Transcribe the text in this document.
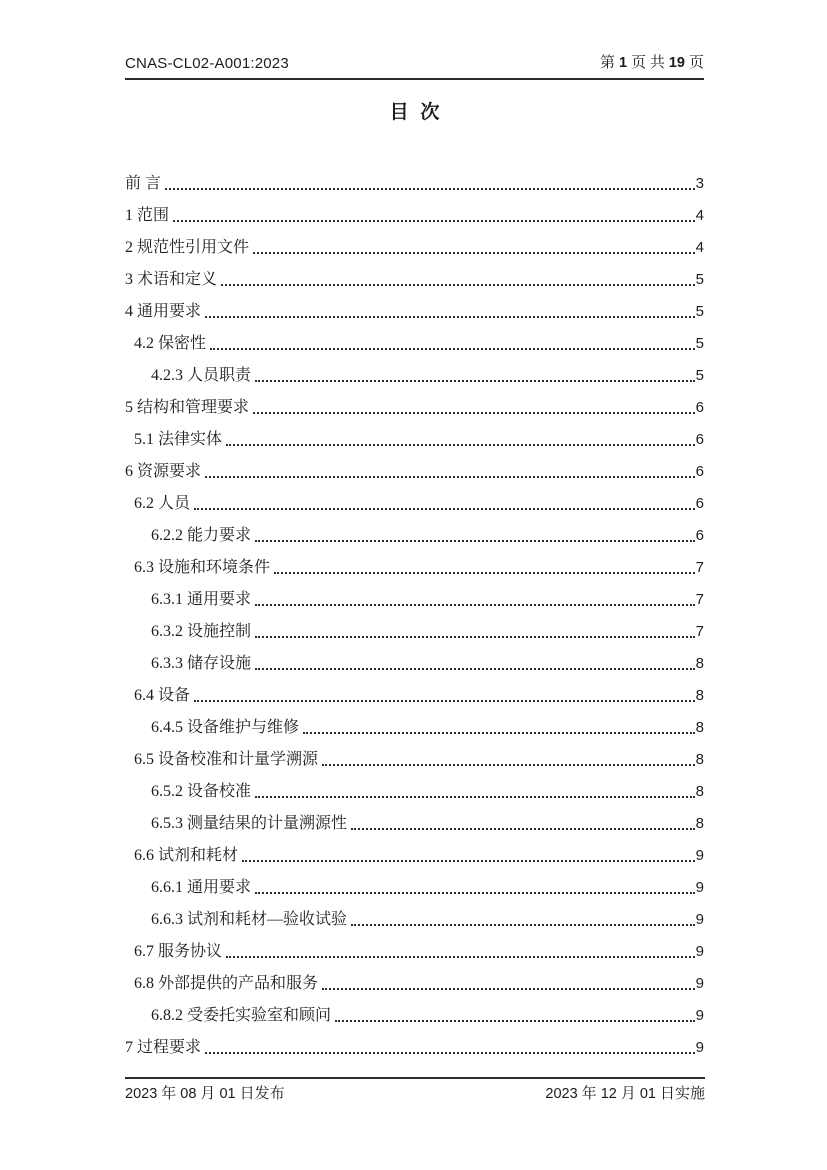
CNAS-CL02-A001:2023	第 1 页 共 19 页
目 次
前 言	3
1 范围	4
2 规范性引用文件	4
3 术语和定义	5
4 通用要求	5
4.2 保密性	5
4.2.3 人员职责	5
5 结构和管理要求	6
5.1 法律实体	6
6 资源要求	6
6.2 人员	6
6.2.2 能力要求	6
6.3 设施和环境条件	7
6.3.1 通用要求	7
6.3.2 设施控制	7
6.3.3 储存设施	8
6.4 设备	8
6.4.5 设备维护与维修	8
6.5 设备校准和计量学溯源	8
6.5.2 设备校准	8
6.5.3 测量结果的计量溯源性	8
6.6 试剂和耗材	9
6.6.1 通用要求	9
6.6.3 试剂和耗材—验收试验	9
6.7 服务协议	9
6.8 外部提供的产品和服务	9
6.8.2 受委托实验室和顾问	9
7 过程要求	9
2023 年 08 月 01 日发布	2023 年 12 月 01 日实施
